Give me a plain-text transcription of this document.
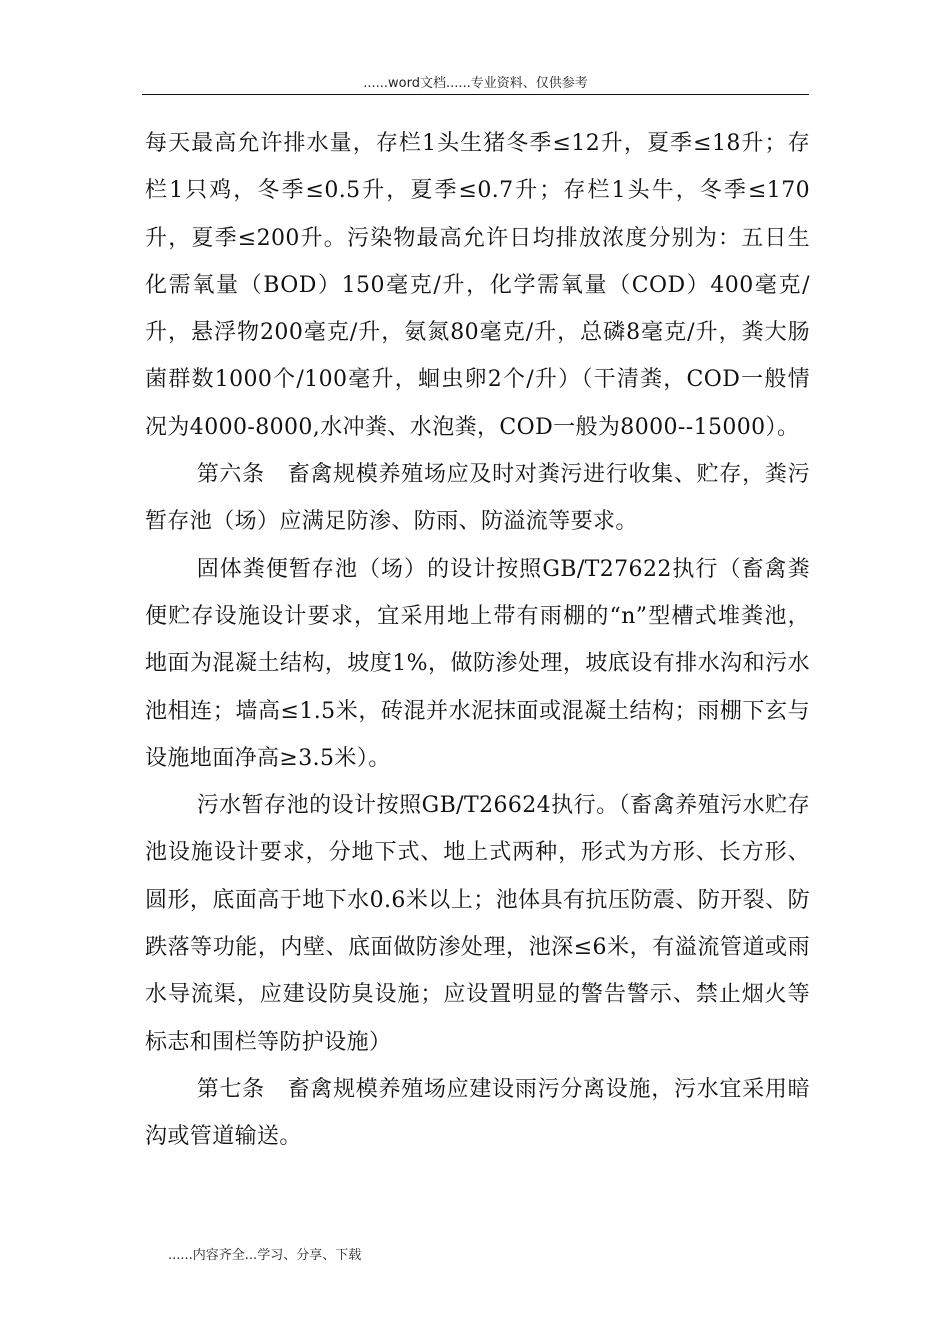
......word文档......专业资料、仅供参考

每天最高允许排水量，存栏1头生猪冬季≤12升，夏季≤18升；存栏1只鸡，冬季≤0.5升，夏季≤0.7升；存栏1头牛，冬季≤170升，夏季≤200升。污染物最高允许日均排放浓度分别为：五日生化需氧量（BOD）150毫克/升，化学需氧量（COD）400毫克/升，悬浮物200毫克/升，氨氮80毫克/升，总磷8毫克/升，粪大肠菌群数1000个/100毫升，蛔虫卵2个/升）（干清粪，COD一般情况为4000-8000,水冲粪、水泡粪，COD一般为8000--15000）。

第六条　畜禽规模养殖场应及时对粪污进行收集、贮存，粪污暂存池（场）应满足防渗、防雨、防溢流等要求。

固体粪便暂存池（场）的设计按照GB/T27622执行（畜禽粪便贮存设施设计要求，宜采用地上带有雨棚的“n”型槽式堆粪池，地面为混凝土结构，坡度1%，做防渗处理，坡底设有排水沟和污水池相连；墙高≤1.5米，砖混并水泥抹面或混凝土结构；雨棚下玄与设施地面净高≥3.5米）。

污水暂存池的设计按照GB/T26624执行。（畜禽养殖污水贮存池设施设计要求，分地下式、地上式两种，形式为方形、长方形、圆形，底面高于地下水0.6米以上；池体具有抗压防震、防开裂、防跌落等功能，内壁、底面做防渗处理，池深≤6米，有溢流管道或雨水导流渠，应建设防臭设施；应设置明显的警告警示、禁止烟火等标志和围栏等防护设施）

第七条　畜禽规模养殖场应建设雨污分离设施，污水宜采用暗沟或管道输送。

......内容齐全...学习、分享、下载
